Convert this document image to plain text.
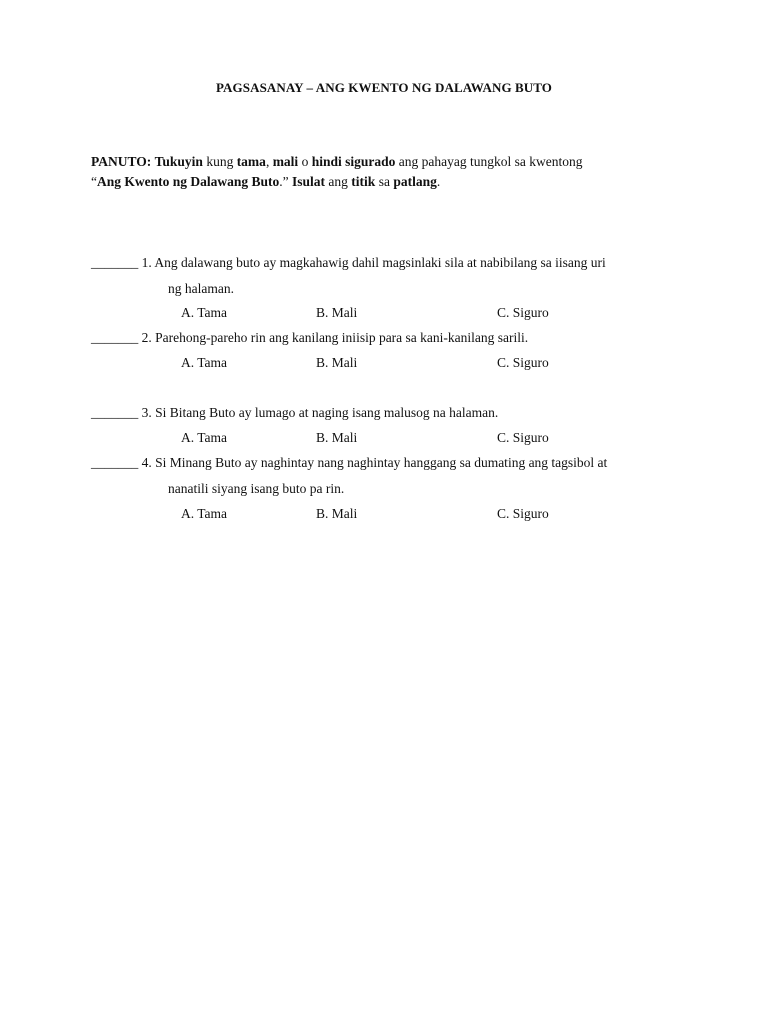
PAGSASANAY – ANG KWENTO NG DALAWANG BUTO
PANUTO: Tukuyin kung tama, mali o hindi sigurado ang pahayag tungkol sa kwentong
“Ang Kwento ng Dalawang Buto.” Isulat ang titik sa patlang.
_______ 1. Ang dalawang buto ay magkahawig dahil magsinlaki sila at nabibilang sa iisang uri
ng halaman.
A. Tama	B. Mali	C. Siguro
_______ 2. Parehong-pareho rin ang kanilang iniisip para sa kani-kanilang sarili.
A. Tama	B. Mali	C. Siguro
_______ 3. Si Bitang Buto ay lumago at naging isang malusog na halaman.
A. Tama	B. Mali	C. Siguro
_______ 4. Si Minang Buto ay naghintay nang naghintay hanggang sa dumating ang tagsibol at
nanatili siyang isang buto pa rin.
A. Tama	B. Mali	C. Siguro
